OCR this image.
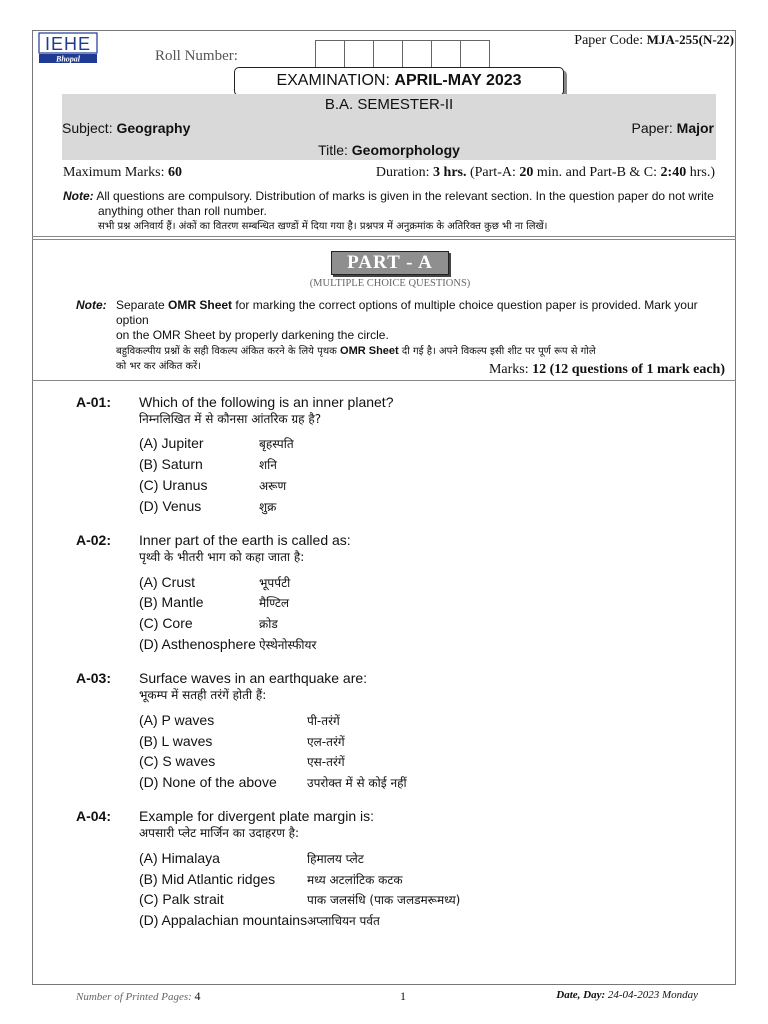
IEHE
Bhopal	Roll Number:
Paper Code: MJA-255(N-22)
EXAMINATION: APRIL-MAY 2023
B.A. SEMESTER-II
Subject: Geography	Paper: Major
Title: Geomorphology
Maximum Marks: 60	Duration: 3 hrs. (Part-A: 20 min. and Part-B & C: 2:40 hrs.)
Note: All questions are compulsory. Distribution of marks is given in the relevant section. In the question paper do not write
anything other than roll number.
सभी प्रश्न अनिवार्य हैं। अंकों का वितरण सम्बन्धित खण्डों में दिया गया है। प्रश्नपत्र में अनुक्रमांक के अतिरिक्त कुछ भी ना लिखें।
PART - A
(MULTIPLE CHOICE QUESTIONS)
Note: Separate OMR Sheet for marking the correct options of multiple choice question paper is provided. Mark your option
on the OMR Sheet by properly darkening the circle.
बहुविकल्पीय प्रश्नों के सही विकल्प अंकित करने के लिये पृथक OMR Sheet दी गई है। अपने विकल्प इसी शीट पर पूर्ण रूप से गोले
को भर कर अंकित करें।	Marks: 12 (12 questions of 1 mark each)
A-01: Which of the following is an inner planet?
निम्नलिखित में से कौनसा आंतरिक ग्रह है?
(A) Jupiter	बृहस्पति
(B) Saturn	शनि
(C) Uranus	अरूण
(D) Venus	शुक्र
A-02: Inner part of the earth is called as:
पृथ्वी के भीतरी भाग को कहा जाता है:
(A) Crust	भूपर्पटी
(B) Mantle	मैण्टिल
(C) Core	क्रोड
(D) Asthenosphere ऐस्थेनोस्फीयर
A-03: Surface waves in an earthquake are:
भूकम्प में सतही तरंगें होती हैं:
(A) P waves	पी-तरंगें
(B) L waves	एल-तरंगें
(C) S waves	एस-तरंगें
(D) None of the above	उपरोक्त में से कोई नहीं
A-04: Example for divergent plate margin is:
अपसारी प्लेट मार्जिन का उदाहरण है:
(A) Himalaya	हिमालय प्लेट
(B) Mid Atlantic ridges	मध्य अटलांटिक कटक
(C) Palk strait	पाक जलसंधि (पाक जलडमरूमध्य)
(D) Appalachian mountains अप्लाचियन पर्वत
Number of Printed Pages: 4	1	Date, Day: 24-04-2023 Monday
